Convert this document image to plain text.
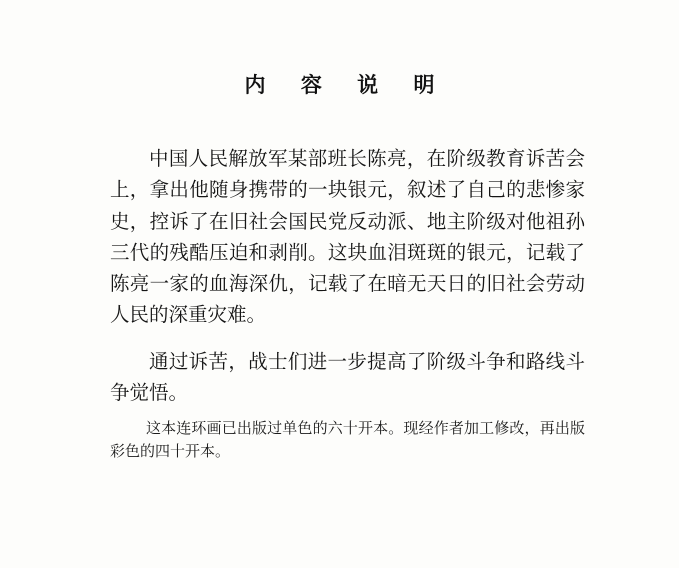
内 容 说 明

中国人民解放军某部班长陈亮，在阶级教育诉苦会上，拿出他随身携带的一块银元，叙述了自己的悲惨家史，控诉了在旧社会国民党反动派、地主阶级对他祖孙三代的残酷压迫和剥削。这块血泪斑斑的银元，记载了陈亮一家的血海深仇，记载了在暗无天日的旧社会劳动人民的深重灾难。

通过诉苦，战士们进一步提高了阶级斗争和路线斗争觉悟。

这本连环画已出版过单色的六十开本。现经作者加工修改，再出版彩色的四十开本。
